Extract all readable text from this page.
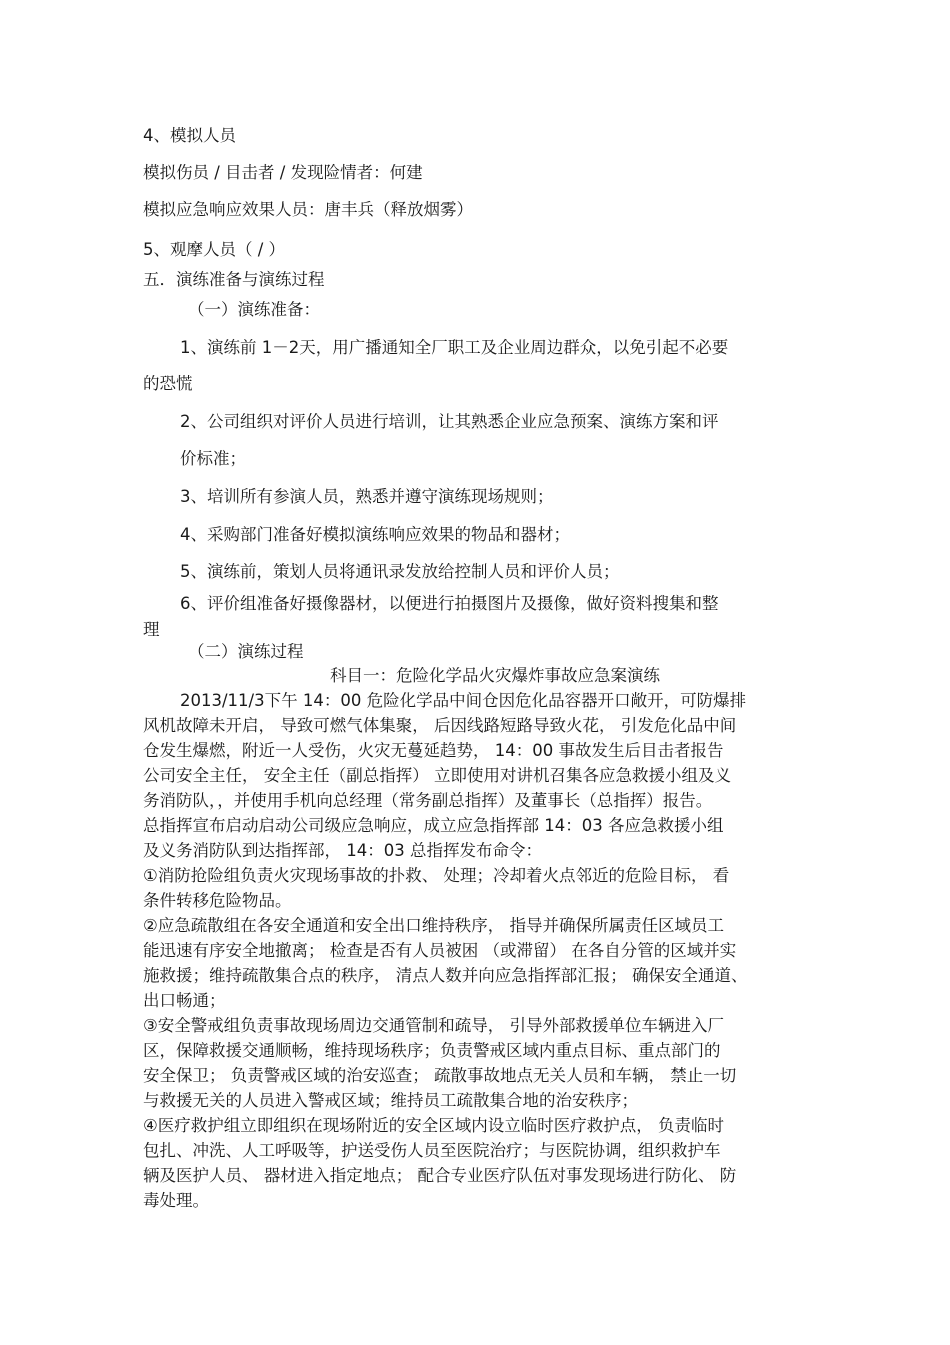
4、模拟人员

模拟伤员 / 目击者 / 发现险情者：何建

模拟应急响应效果人员：唐丰兵（释放烟雾）

5、观摩人员（ / ）

五．演练准备与演练过程

（一）演练准备：

1、演练前 1－2天，用广播通知全厂职工及企业周边群众，以免引起不必要

的恐慌

2、公司组织对评价人员进行培训，让其熟悉企业应急预案、演练方案和评

价标准；

3、培训所有参演人员，熟悉并遵守演练现场规则；

4、采购部门准备好模拟演练响应效果的物品和器材；

5、演练前，策划人员将通讯录发放给控制人员和评价人员；

6、评价组准备好摄像器材，以便进行拍摄图片及摄像，做好资料搜集和整

理

（二）演练过程

科目一：危险化学品火灾爆炸事故应急案演练

2013/11/3下午 14：00 危险化学品中间仓因危化品容器开口敞开，可防爆排

风机故障未开启， 导致可燃气体集聚， 后因线路短路导致火花， 引发危化品中间

仓发生爆燃，附近一人受伤，火灾无蔓延趋势， 14：00 事故发生后目击者报告

公司安全主任， 安全主任（副总指挥） 立即使用对讲机召集各应急救援小组及义

务消防队，，并使用手机向总经理（常务副总指挥）及董事长（总指挥）报告。

总指挥宣布启动启动公司级应急响应，成立应急指挥部 14：03 各应急救援小组

及义务消防队到达指挥部， 14：03 总指挥发布命令：

①消防抢险组负责火灾现场事故的扑救、 处理；冷却着火点邻近的危险目标， 看

条件转移危险物品。

②应急疏散组在各安全通道和安全出口维持秩序， 指导并确保所属责任区域员工

能迅速有序安全地撤离； 检查是否有人员被困 （或滞留） 在各自分管的区域并实

施救援；维持疏散集合点的秩序， 清点人数并向应急指挥部汇报； 确保安全通道、

出口畅通；

③安全警戒组负责事故现场周边交通管制和疏导， 引导外部救援单位车辆进入厂

区，保障救援交通顺畅，维持现场秩序；负责警戒区域内重点目标、重点部门的

安全保卫； 负责警戒区域的治安巡查； 疏散事故地点无关人员和车辆， 禁止一切

与救援无关的人员进入警戒区域；维持员工疏散集合地的治安秩序；

④医疗救护组立即组织在现场附近的安全区域内设立临时医疗救护点， 负责临时

包扎、冲洗、人工呼吸等，护送受伤人员至医院治疗；与医院协调，组织救护车

辆及医护人员、 器材进入指定地点； 配合专业医疗队伍对事发现场进行防化、 防

毒处理。
